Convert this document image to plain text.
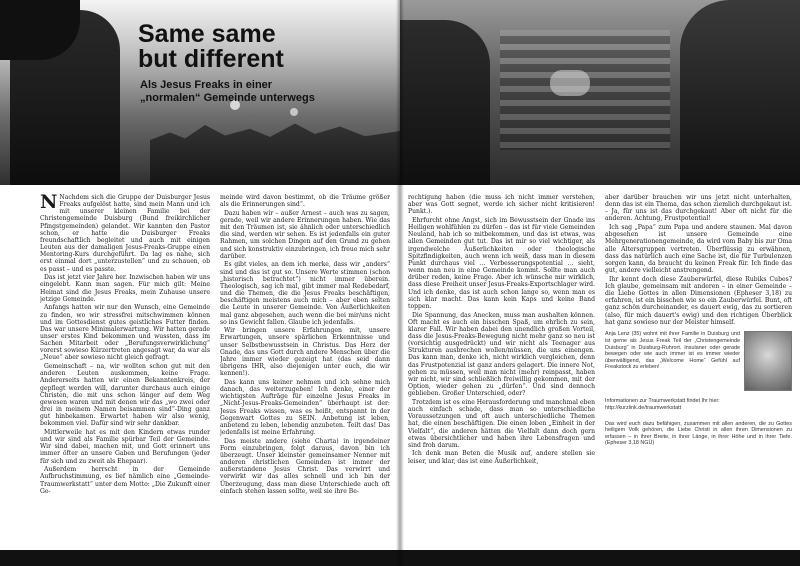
Same same
but different
Als Jesus Freaks in einer
„normalen“ Gemeinde unterwegs

N Nachdem sich die Gruppe der Duisburger Jesus Freaks aufgelöst hatte, sind mein Mann und ich mit unserer kleinen Familie bei der Christengemeinde Duisburg (Bund freikirchlicher Pfingstgemeinden) gelandet. Wir kannten den Pastor schon, er hatte die Duisburger Freaks freundschaftlich begleitet und auch mit einigen Leuten aus der damaligen Jesus-Freaks-Gruppe einen Mentoring-Kurs durchgeführt. Da lag es nahe, sich erst einmal dort „unterzustellen“ und zu schauen, ob es passt – und es passte.

Das ist jetzt vier Jahre her. Inzwischen haben wir uns eingelebt. Kann man sagen. Für mich gilt: Meine Heimat sind die Jesus Freaks, mein Zuhause unsere jetzige Gemeinde.

Anfangs hatten wir nur den Wunsch, eine Gemeinde zu finden, wo wir stressfrei mitschwimmen können und im Gottesdienst gutes geistliches Futter finden. Das war unsere Minimalerwartung. Wir hatten gerade unser erstes Kind bekommen und wussten, dass im Sachen Mitarbeit oder „Berufungsverwirklichung“ vorerst sowieso Kürzertreten angesagt war, da war als „Neue“ aber sowieso nicht gleich gefragt.

Gemeinschaft – na, wir wollten schon gut mit den anderen Leuten auskommen, keine Frage. Andererseits hatten wir einen Bekanntenkreis, der gepflegt werden will, darunter durchaus auch einige Christen, die mit uns schon länger auf dem Weg gewesen waren und mit denen wir das „wo zwei oder drei in meinem Namen beisammen sind“-Ding ganz gut hinbekamen. Erwartet haben wir also wenig, bekommen viel. Dafür sind wir sehr dankbar.

Mittlerweile hat es mit den Kindern etwas runder und wir sind als Familie spürbar Teil der Gemeinde. Wir sind dabei, machen mit, und Gott erinnert uns immer öfter an unsere Gaben und Berufungen (jeder für sich und zu zweit als Ehepaar).

Außerdem herrscht in der Gemeinde Aufbruchstimmung, es lief nämlich eine „Gemeinde-Traumwerkstatt“ unter dem Motto: „Die Zukunft einer Ge-

meinde wird davon bestimmt, ob die Träume größer als die Erinnerungen sind“.

Dazu haben wir – außer Arnest – auch was zu sagen, gerade, weil wir andere Erinnerungen haben. Wie das mit den Träumen ist, sie ähnlich oder unterschiedlich die sind, werden wir sehen. Es ist jedenfalls ein guter Rahmen, um solchen Dingen auf den Grund zu gehen und sich konstruktiv einzubringen, ich freue mich sehr darüber.

Es gibt vieles, an dem ich merke, dass wir „anders“ sind und das ist gut so. Unsere Werte stimmen (schon „historisch betrachtet“) nicht immer überein. Theologisch, sag ich mal, gibt immer mal Redebedarf, und die Themen, die die Jesus Freaks beschäftigen, beschäftigen meistens auch mich – aber eben selten die Leute in unserer Gemeinde. Von Äußerlichkeiten mal ganz abgesehen, auch wenn die bei mir/uns nicht so ins Gewicht fallen. Glaube ich jedenfalls.

Wir bringen unsere Erfahrungen mit, unsere Erwartungen, unsere spärlichen Erkenntnisse und unser Selbstbewusstsein in Christus. Das Herz der Gnade, das uns Gott durch andere Menschen über die Jahre immer wieder gezeigt hat (das seid dann übrigens IHR, also diejenigen unter euch, die wir kennen!).

Das kann uns keiner nehmen und ich sehne mich danach, das weiterzugeben! Ich denke, einer der wichtigsten Aufträge für einzelne Jesus Freaks in „Nicht-Jesus-Freaks-Gemeinden“ überhaupt ist der: Jesus Freaks wissen, was es heißt, entspannt in der Gegenwart Gottes zu SEIN. Anbetung ist leben, anbetend zu leben, lebendig anzubeten. Teilt das! Das jedenfalls ist meine Erfahrung.

Das meiste andere (siehe Charta) in irgendeiner Form einzubringen, folgt daraus, davon bin ich überzeugt. Unser kleinster gemeinsamer Nenner mit anderen christlichen Gemeinden ist immer der außerstandene Jesus Christ. Das verwirrt und verwirkt wir das alles schnell und ich bin der Überzeugung, dass man diese Unterschiede auch oft einfach stehen lassen sollte, weil sie ihre Be-

rechtigung haben (die muss ich nicht immer verstehen, aber was Gott segnet, werde ich sicher nicht kritisieren! Punkt.).

Ehrfurcht ohne Angst, sich im Bewusstsein der Gnade ins Heiligen wohlfühlen zu dürfen – das ist für viele Gemeinden Neuland, hab ich so mitbekommen, und das ist etwas, was allen Gemeinden gut tut. Das ist mir so viel wichtiger, als irgendwelche Äußerlichkeiten oder theologische Spitzfindigkeiten, auch wenn ich weiß, dass man in diesem Punkt durchaus viel … Verbesserungspotential … sieht, wenn man neu in eine Gemeinde kommt. Sollte man auch drüber reden, keine Frage. Aber ich wünsche mir wirklich, dass diese Freiheit unser Jesus-Freaks-Exportschlager wird. Und ich denke, das ist auch schon lange so, wenn man es sich klar macht. Das kann kein Kaps und keine Band toppen.

Die Spannung, das Anecken, muss man aushalten können. Oft macht es auch ein bisschen Spaß, um ehrlich zu sein, klarer Fall. Wir haben dabei den unendlich großen Vorteil, dass die Jesus-Freaks-Bewegung nicht mehr ganz so neu ist (vorsichtig ausgedrückt) und wir nicht als Teenager aus Strukturen ausbrechen wollen/müssen, die uns einengen. Das kann man, denke ich, nicht wirklich vergleichen, denn das Frustpotenzial ist ganz anders gelagert. Die innere Not, gehen zu müssen, weil man nicht (mehr) reinpasst, haben wir nicht, wir sind schließlich freiwillig gekommen, mit der Option, wieder gehen zu „dürfen“. Und sind dennoch geblieben. Großer Unterschied, oder?

Trotzdem ist es eine Herausforderung und manchmal eben auch einfach schade, dass man so unterschiedliche Voraussetzungen und oft auch unterschiedliche Themen hat, die einen beschäftigen. Die einen loben „Einheit in der Vielfalt“, die anderen hätten die Vielfalt dann doch gern etwas übersichtlicher und haben ihre Lebensfragen und sind froh darum.

Ich denk man Beten die Musik auf, andere stellen sie leiser, und klar, das ist eine Äußerlichkeit,

aber darüber brauchen wir uns jetzt nicht unterhalten, denn das ist ein Thema, das schon ziemlich durchgekaut ist. – Ja, für uns ist das durchgekaut! Aber oft nicht für die anderen. Achtung, Frustpotential!

Ich sag „Papa“ zum Papa und andere staunen. Mal davon abgesehen ist unsere Gemeinde eine Mehrgenerationengemeinde, da wird vom Baby bis zur Oma alle Altersgruppen vertreten. Überflüssig zu erwähnen, dass das natürlich auch eine Sache ist, die für Turbulenzen sorgen kann, da braucht du keinen Freak für. Ich finde das gut, andere vielleicht anstrengend.

Ihr kennt doch diese Zauberwürfel, diese Rubiks Cubes? Ich glaube, gemeinsam mit anderen – in einer Gemeinde – die Liebe Gottes in allen Dimensionen (Epheser 3,18) zu erfahren, ist ein bisschen wie so ein Zauberwürfel. Bunt, oft ganz schön durcheinander, es dauert ewig, das zu sortieren (also, für mich dauert's ewig) und den richtigen Überblick hat ganz sowieso nur der Meister himself.

Anja Lenz (35) wohnt mit ihrer Familie in Duisburg und ist gerne als Jesus Freak Teil der „Christengemeinde Duisburg“ in Duisburg-Ruhrort. Insulaner oder gerade bewegen oder wie auch immer ist es immer wieder überwältigend, das „Welcome Home“ Gefühl auf Freakstock zu erleben!
Informationen zur Traumwerkstatt findet Ihr hier:
http://kurzlink.de/traumwerkstatt
Das wird euch dazu befähigen, zusammen mit allen anderen, die zu Gottes heiligem Volk gehören, die Liebe Christi in allen ihren Dimensionen zu erfassen – in ihrer Breite, in ihrer Länge, in ihrer Höhe und in ihrer Tiefe. (Epheser 3,18 NGÜ)
